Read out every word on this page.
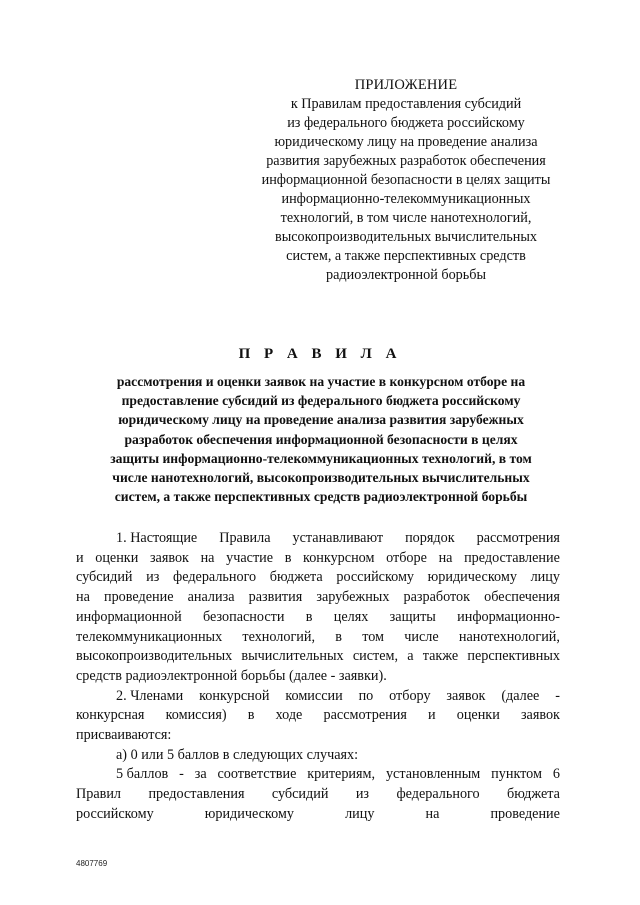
ПРИЛОЖЕНИЕ
к Правилам предоставления субсидий
из федерального бюджета российскому
юридическому лицу на проведение анализа
развития зарубежных разработок обеспечения
информационной безопасности в целях защиты
информационно-телекоммуникационных
технологий, в том числе нанотехнологий,
высокопроизводительных вычислительных
систем, а также перспективных средств
радиоэлектронной борьбы
П Р А В И Л А
рассмотрения и оценки заявок на участие в конкурсном отборе на
предоставление субсидий из федерального бюджета российскому
юридическому лицу на проведение анализа развития зарубежных
разработок обеспечения информационной безопасности в целях
защиты информационно-телекоммуникационных технологий, в том
числе нанотехнологий, высокопроизводительных вычислительных
систем, а также перспективных средств радиоэлектронной борьбы
1. Настоящие Правила устанавливают порядок рассмотрения
и оценки заявок на участие в конкурсном отборе на предоставление
субсидий из федерального бюджета российскому юридическому лицу
на проведение анализа развития зарубежных разработок обеспечения
информационной безопасности в целях защиты информационно-
телекоммуникационных технологий, в том числе нанотехнологий,
высокопроизводительных вычислительных систем, а также перспективных
средств радиоэлектронной борьбы (далее - заявки).
2. Членами конкурсной комиссии по отбору заявок (далее -
конкурсная комиссия) в ходе рассмотрения и оценки заявок
присваиваются:
а) 0 или 5 баллов в следующих случаях:
5 баллов - за соответствие критериям, установленным пунктом 6
Правил предоставления субсидий из федерального бюджета
российскому	юридическому	лицу	на	проведение
4807769
